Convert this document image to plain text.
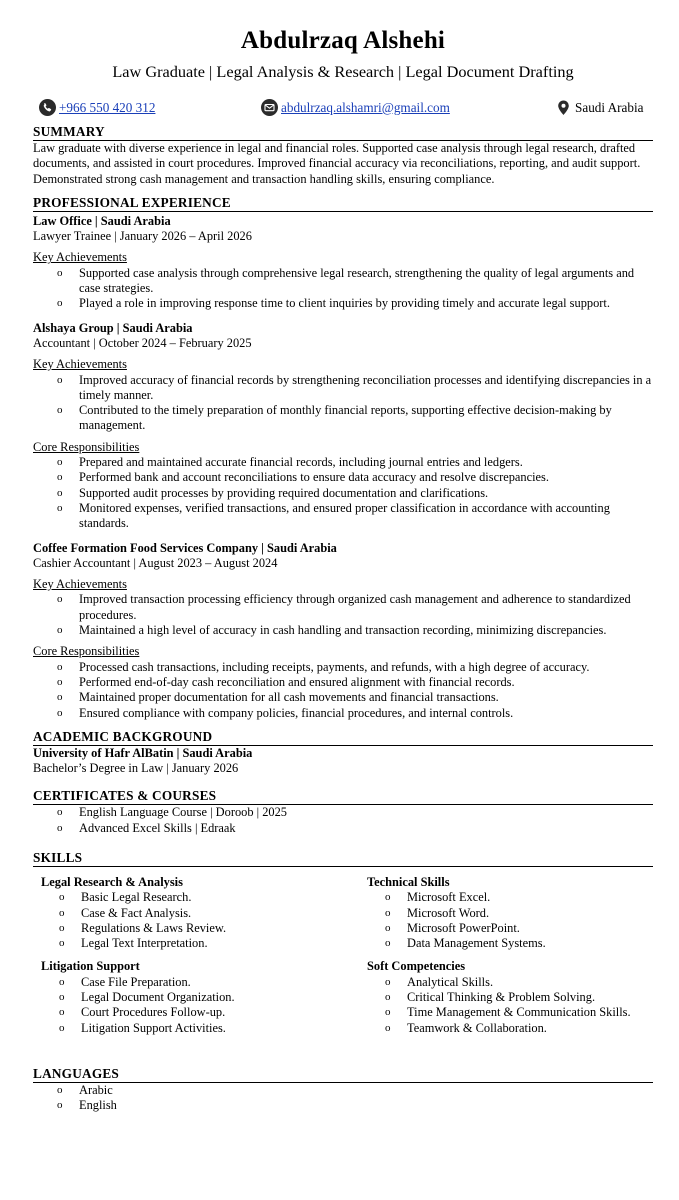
Abdulrzaq Alshehi
Law Graduate | Legal Analysis & Research | Legal Document Drafting
+966 550 420 312	abdulrzaq.alshamri@gmail.com	Saudi Arabia
SUMMARY
Law graduate with diverse experience in legal and financial roles. Supported case analysis through legal research, drafted documents, and assisted in court procedures. Improved financial accuracy via reconciliations, reporting, and audit support. Demonstrated strong cash management and transaction handling skills, ensuring compliance.
PROFESSIONAL EXPERIENCE
Law Office | Saudi Arabia
Lawyer Trainee | January 2026 – April 2026
Key Achievements
o Supported case analysis through comprehensive legal research, strengthening the quality of legal arguments and case strategies.
o Played a role in improving response time to client inquiries by providing timely and accurate legal support.
Alshaya Group | Saudi Arabia
Accountant | October 2024 – February 2025
Key Achievements
o Improved accuracy of financial records by strengthening reconciliation processes and identifying discrepancies in a timely manner.
o Contributed to the timely preparation of monthly financial reports, supporting effective decision-making by management.
Core Responsibilities
o Prepared and maintained accurate financial records, including journal entries and ledgers.
o Performed bank and account reconciliations to ensure data accuracy and resolve discrepancies.
o Supported audit processes by providing required documentation and clarifications.
o Monitored expenses, verified transactions, and ensured proper classification in accordance with accounting standards.
Coffee Formation Food Services Company | Saudi Arabia
Cashier Accountant | August 2023 – August 2024
Key Achievements
o Improved transaction processing efficiency through organized cash management and adherence to standardized procedures.
o Maintained a high level of accuracy in cash handling and transaction recording, minimizing discrepancies.
Core Responsibilities
o Processed cash transactions, including receipts, payments, and refunds, with a high degree of accuracy.
o Performed end-of-day cash reconciliation and ensured alignment with financial records.
o Maintained proper documentation for all cash movements and financial transactions.
o Ensured compliance with company policies, financial procedures, and internal controls.
ACADEMIC BACKGROUND
University of Hafr AlBatin | Saudi Arabia
Bachelor’s Degree in Law | January 2026
CERTIFICATES & COURSES
o English Language Course | Doroob | 2025
o Advanced Excel Skills | Edraak
SKILLS
Legal Research & Analysis
o Basic Legal Research.
o Case & Fact Analysis.
o Regulations & Laws Review.
o Legal Text Interpretation.
Litigation Support
o Case File Preparation.
o Legal Document Organization.
o Court Procedures Follow-up.
o Litigation Support Activities.
Technical Skills
o Microsoft Excel.
o Microsoft Word.
o Microsoft PowerPoint.
o Data Management Systems.
Soft Competencies
o Analytical Skills.
o Critical Thinking & Problem Solving.
o Time Management & Communication Skills.
o Teamwork & Collaboration.
LANGUAGES
o Arabic
o English
